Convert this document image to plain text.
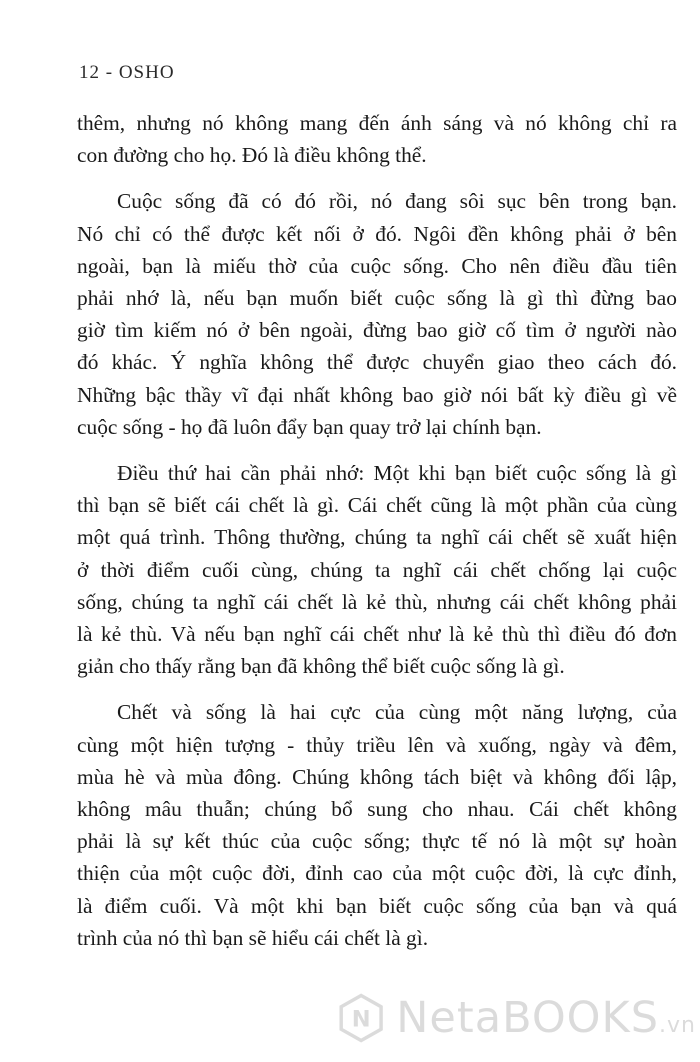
12 - OSHO
thêm, nhưng nó không mang đến ánh sáng và nó không chỉ ra
con đường cho họ. Đó là điều không thể.
Cuộc sống đã có đó rồi, nó đang sôi sục bên trong bạn.
Nó chỉ có thể được kết nối ở đó. Ngôi đền không phải ở bên
ngoài, bạn là miếu thờ của cuộc sống. Cho nên điều đầu tiên
phải nhớ là, nếu bạn muốn biết cuộc sống là gì thì đừng bao
giờ tìm kiếm nó ở bên ngoài, đừng bao giờ cố tìm ở người nào
đó khác. Ý nghĩa không thể được chuyển giao theo cách đó.
Những bậc thầy vĩ đại nhất không bao giờ nói bất kỳ điều gì về
cuộc sống - họ đã luôn đẩy bạn quay trở lại chính bạn.
Điều thứ hai cần phải nhớ: Một khi bạn biết cuộc sống là gì
thì bạn sẽ biết cái chết là gì. Cái chết cũng là một phần của cùng
một quá trình. Thông thường, chúng ta nghĩ cái chết sẽ xuất hiện
ở thời điểm cuối cùng, chúng ta nghĩ cái chết chống lại cuộc
sống, chúng ta nghĩ cái chết là kẻ thù, nhưng cái chết không phải
là kẻ thù. Và nếu bạn nghĩ cái chết như là kẻ thù thì điều đó đơn
giản cho thấy rằng bạn đã không thể biết cuộc sống là gì.
Chết và sống là hai cực của cùng một năng lượng, của
cùng một hiện tượng - thủy triều lên và xuống, ngày và đêm,
mùa hè và mùa đông. Chúng không tách biệt và không đối lập,
không mâu thuẫn; chúng bổ sung cho nhau. Cái chết không
phải là sự kết thúc của cuộc sống; thực tế nó là một sự hoàn
thiện của một cuộc đời, đỉnh cao của một cuộc đời, là cực đỉnh,
là điểm cuối. Và một khi bạn biết cuộc sống của bạn và quá
trình của nó thì bạn sẽ hiểu cái chết là gì.
N NetaBOOKS.vn
